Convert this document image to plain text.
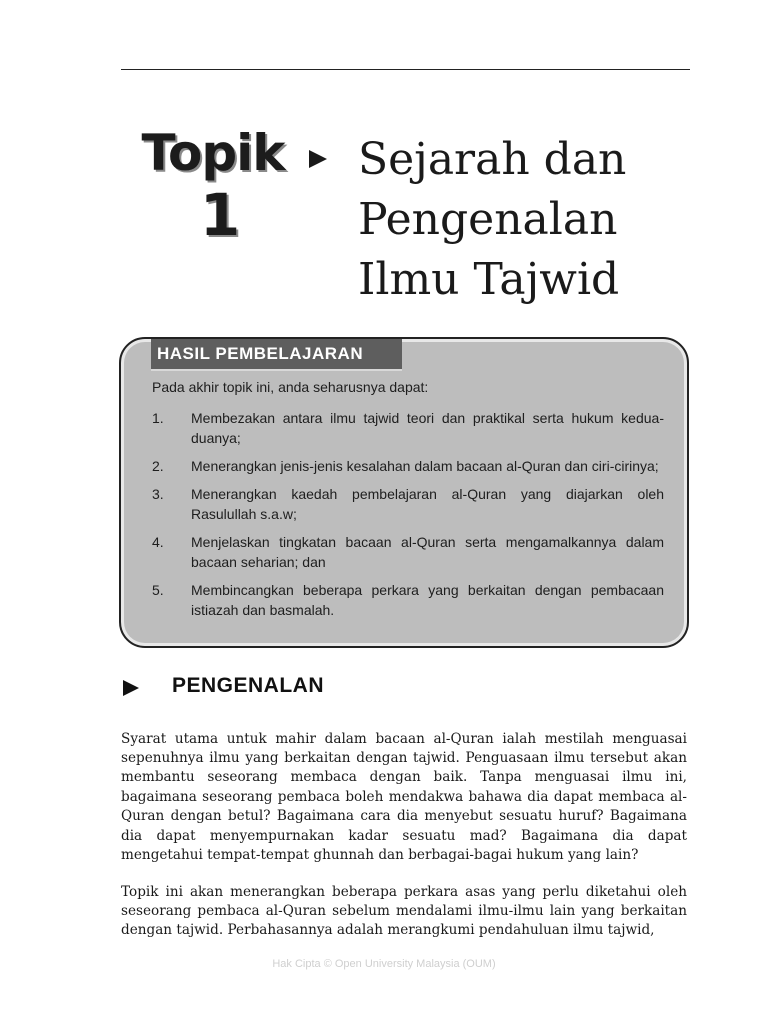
Topik
1
Sejarah dan
Pengenalan
Ilmu Tajwid
HASIL PEMBELAJARAN
Pada akhir topik ini, anda seharusnya dapat:
1.	Membezakan antara ilmu tajwid teori dan praktikal serta hukum kedua-duanya;
2.	Menerangkan jenis-jenis kesalahan dalam bacaan al-Quran dan ciri-cirinya;
3.	Menerangkan kaedah pembelajaran al-Quran yang diajarkan oleh Rasulullah s.a.w;
4.	Menjelaskan tingkatan bacaan al-Quran serta mengamalkannya dalam bacaan seharian; dan
5.	Membincangkan beberapa perkara yang berkaitan dengan pembacaan istiazah dan basmalah.
PENGENALAN

Syarat utama untuk mahir dalam bacaan al-Quran ialah mestilah menguasai sepenuhnya ilmu yang berkaitan dengan tajwid. Penguasaan ilmu tersebut akan membantu seseorang membaca dengan baik. Tanpa menguasai ilmu ini, bagaimana seseorang pembaca boleh mendakwa bahawa dia dapat membaca al-Quran dengan betul? Bagaimana cara dia menyebut sesuatu huruf? Bagaimana dia dapat menyempurnakan kadar sesuatu mad? Bagaimana dia dapat mengetahui tempat-tempat ghunnah dan berbagai-bagai hukum yang lain?

Topik ini akan menerangkan beberapa perkara asas yang perlu diketahui oleh seseorang pembaca al-Quran sebelum mendalami ilmu-ilmu lain yang berkaitan dengan tajwid. Perbahasannya adalah merangkumi pendahuluan ilmu tajwid,

Hak Cipta © Open University Malaysia (OUM)
